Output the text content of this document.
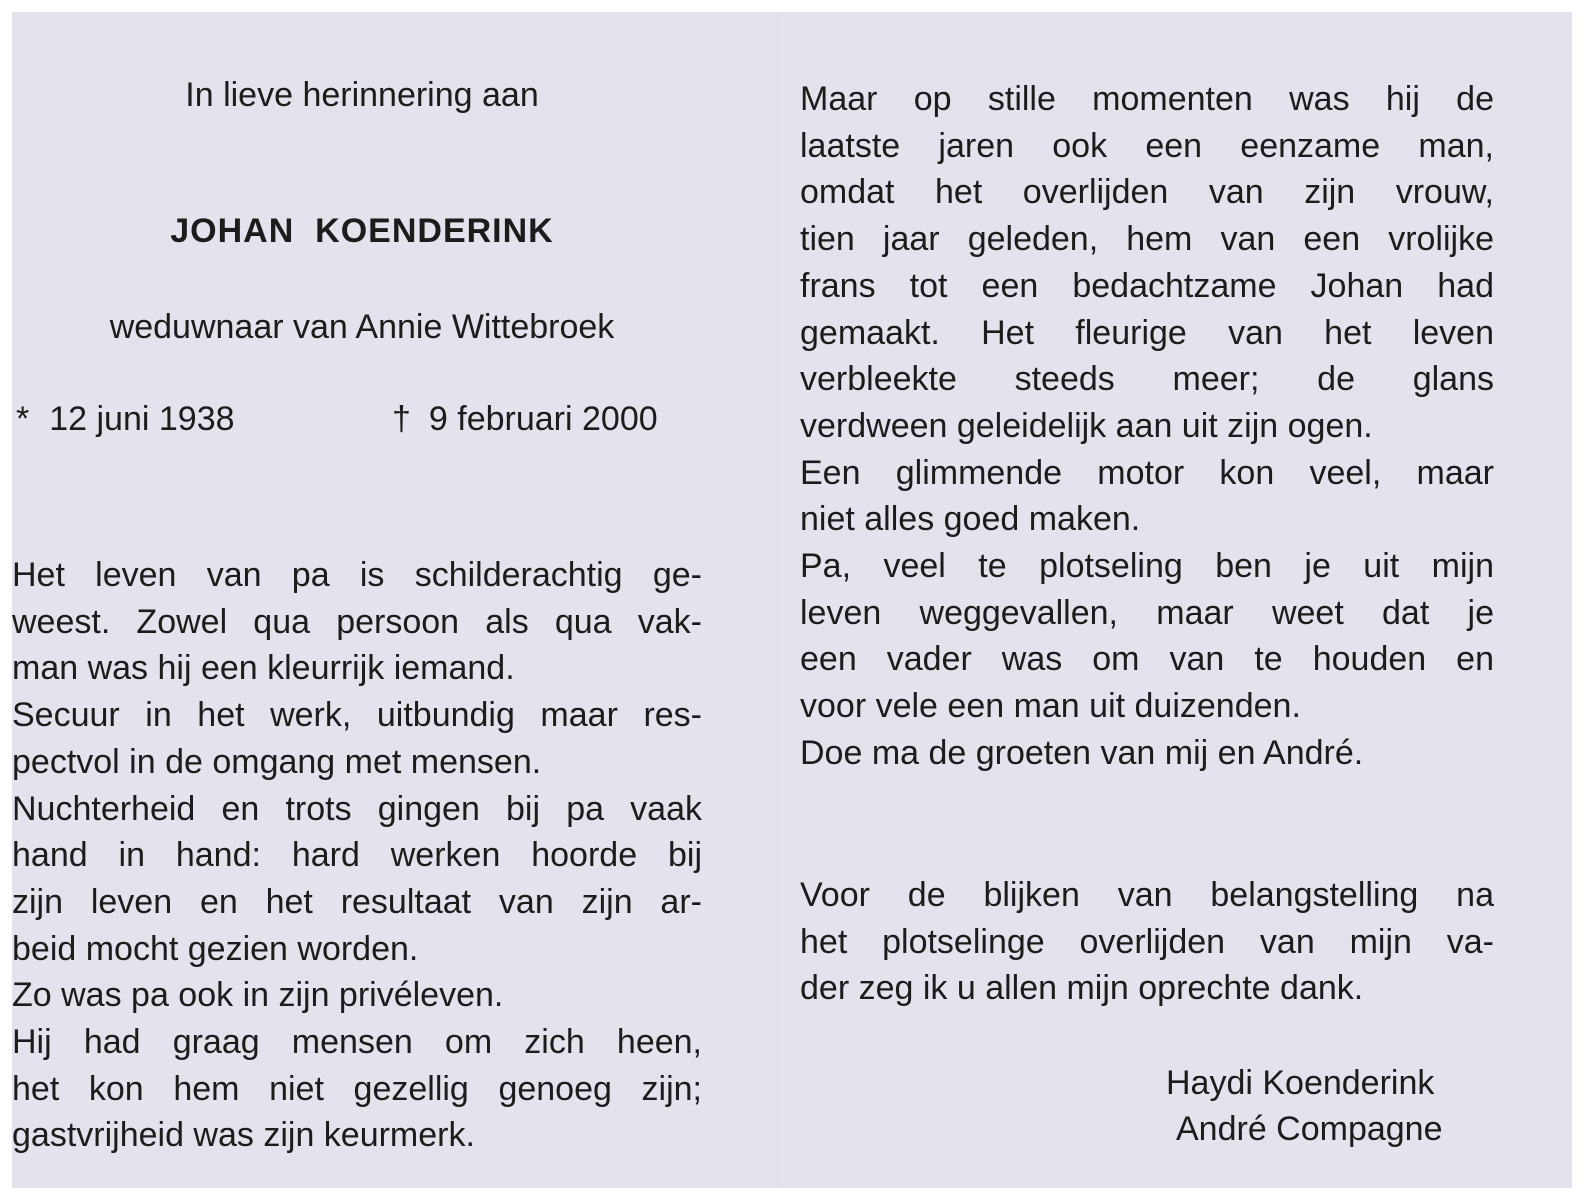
In lieve herinnering aan
JOHAN  KOENDERINK
weduwnaar van Annie Wittebroek
* 12 juni 1938	† 9 februari 2000
Het leven van pa is schilderachtig ge-
weest. Zowel qua persoon als qua vak-
man was hij een kleurrijk iemand.
Secuur in het werk, uitbundig maar res-
pectvol in de omgang met mensen.
Nuchterheid en trots gingen bij pa vaak
hand in hand: hard werken hoorde bij
zijn leven en het resultaat van zijn ar-
beid mocht gezien worden.
Zo was pa ook in zijn privéleven.
Hij had graag mensen om zich heen,
het kon hem niet gezellig genoeg zijn;
gastvrijheid was zijn keurmerk.
Maar op stille momenten was hij de
laatste jaren ook een eenzame man,
omdat het overlijden van zijn vrouw,
tien jaar geleden, hem van een vrolijke
frans tot een bedachtzame Johan had
gemaakt. Het fleurige van het leven
verbleekte steeds meer; de glans
verdween geleidelijk aan uit zijn ogen.
Een glimmende motor kon veel, maar
niet alles goed maken.
Pa, veel te plotseling ben je uit mijn
leven weggevallen, maar weet dat je
een vader was om van te houden en
voor vele een man uit duizenden.
Doe ma de groeten van mij en André.
Voor de blijken van belangstelling na
het plotselinge overlijden van mijn va-
der zeg ik u allen mijn oprechte dank.
Haydi Koenderink
André Compagne
